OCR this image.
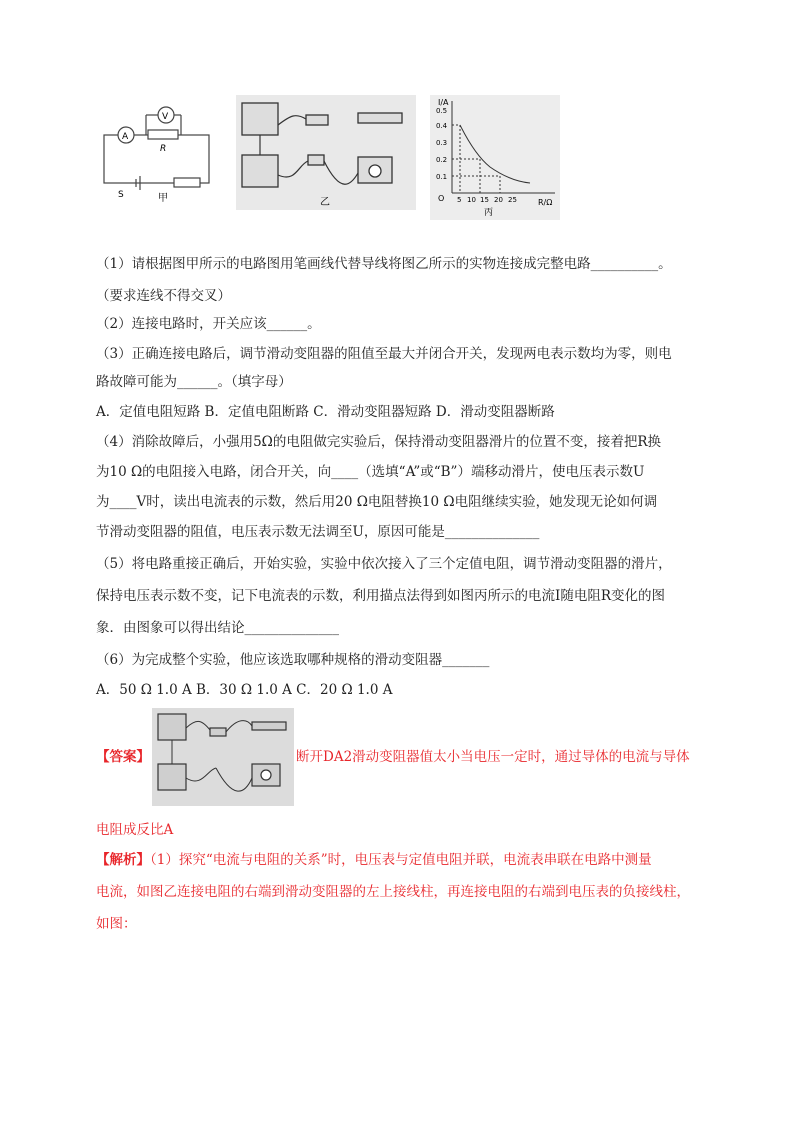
A
V
R
S	甲	乙
I/A
R/Ω
O
0.5
0.4
0.3
0.2
0.1
5 10 15 20 25
丙
（1）请根据图甲所示的电路图用笔画线代替导线将图乙所示的实物连接成完整电路__________。
（要求连线不得交叉）
（2）连接电路时，开关应该______。
（3）正确连接电路后，调节滑动变阻器的阻值至最大并闭合开关，发现两电表示数均为零，则电
路故障可能为______。（填字母）
A．定值电阻短路 B．定值电阻断路 C．滑动变阻器短路 D．滑动变阻器断路
（4）消除故障后，小强用5Ω的电阻做完实验后，保持滑动变阻器滑片的位置不变，接着把R换
为10 Ω的电阻接入电路，闭合开关，向____（选填“A”或“B”）端移动滑片，使电压表示数U
为____V时，读出电流表的示数，然后用20 Ω电阻替换10 Ω电阻继续实验，她发现无论如何调
节滑动变阻器的阻值，电压表示数无法调至U，原因可能是______________
（5）将电路重接正确后，开始实验，实验中依次接入了三个定值电阻，调节滑动变阻器的滑片，
保持电压表示数不变，记下电流表的示数，利用描点法得到如图丙所示的电流I随电阻R变化的图
象．由图象可以得出结论______________
（6）为完成整个实验，他应该选取哪种规格的滑动变阻器_______
A．50 Ω 1.0 A B．30 Ω 1.0 A C．20 Ω 1.0 A
【答案】	断开DA2滑动变阻器值太小当电压一定时，通过导体的电流与导体
电阻成反比A
【解析】（1）探究“电流与电阻的关系”时，电压表与定值电阻并联，电流表串联在电路中测量
电流，如图乙连接电阻的右端到滑动变阻器的左上接线柱，再连接电阻的右端到电压表的负接线柱，
如图：
